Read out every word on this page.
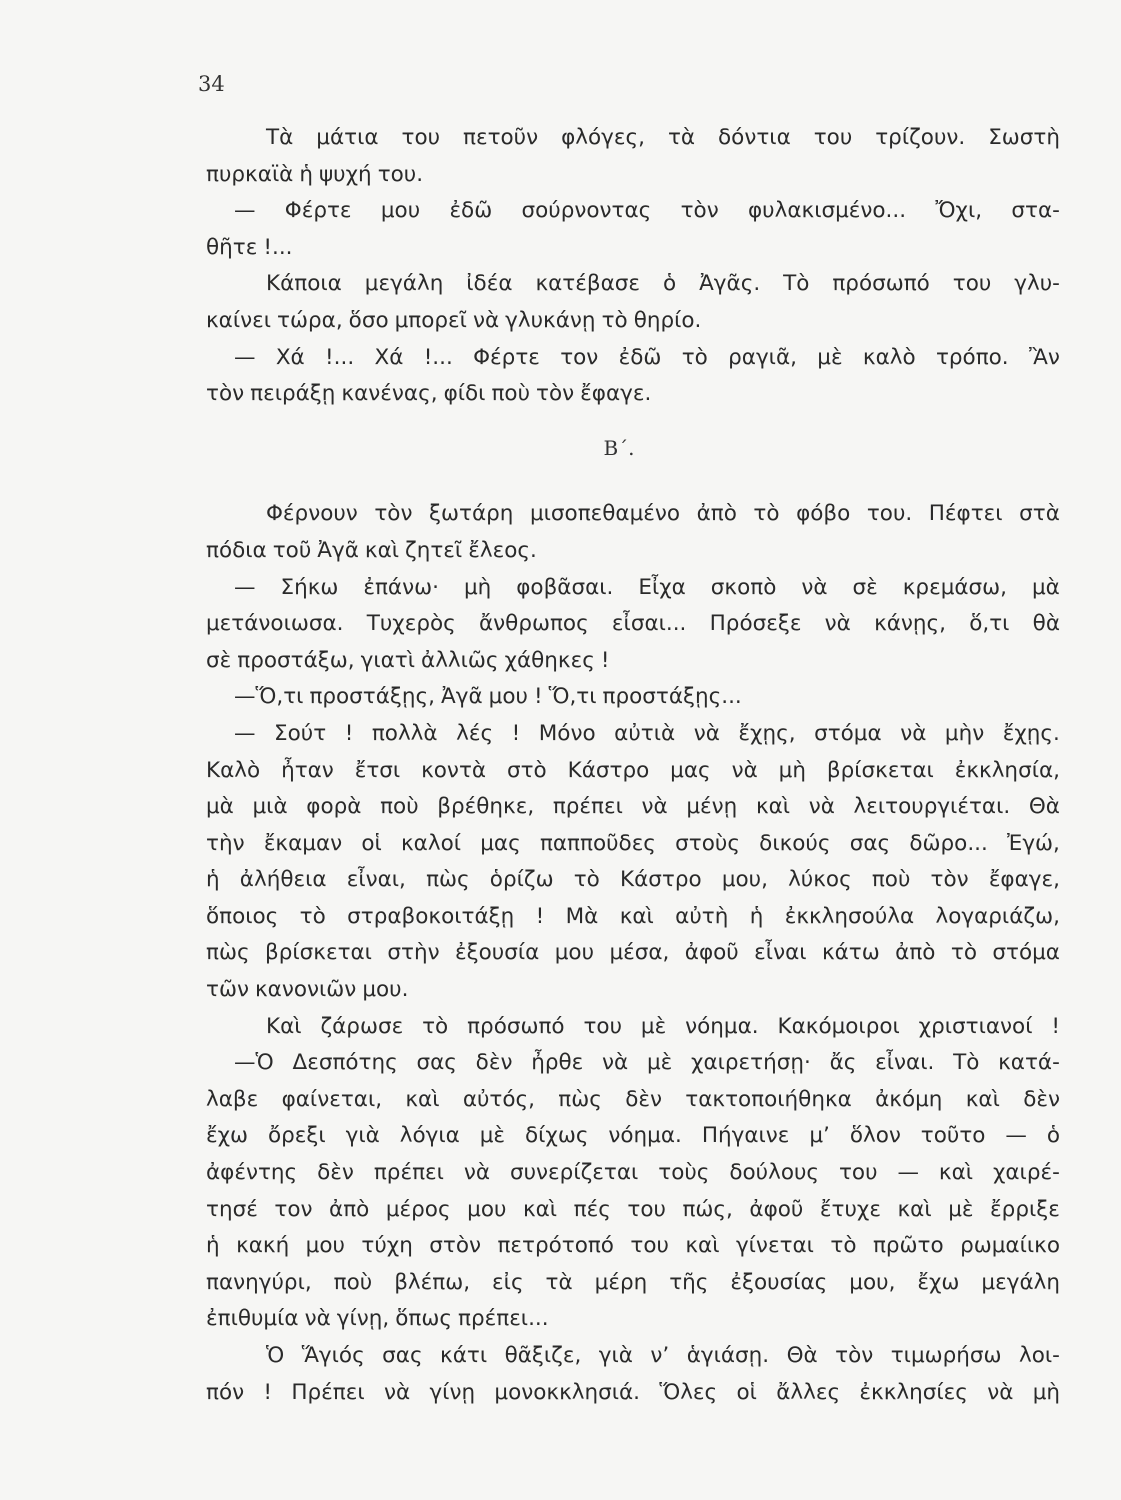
34
Τὰ μάτια του πετοῦν φλόγες, τὰ δόντια του τρίζουν. Σωστὴ
πυρκαϊὰ ἡ ψυχή του.
— Φέρτε μου ἐδῶ σούρνοντας τὸν φυλακισμένο... Ὄχι, στα-
θῆτε !...
Κάποια μεγάλη ἰδέα κατέβασε ὁ Ἀγᾶς. Τὸ πρόσωπό του γλυ-
καίνει τώρα, ὅσο μπορεῖ νὰ γλυκάνῃ τὸ θηρίο.
— Χά !... Χά !... Φέρτε τον ἐδῶ τὸ ραγιᾶ, μὲ καλὸ τρόπο. Ἂν
τὸν πειράξῃ κανένας, φίδι ποὺ τὸν ἔφαγε.
Β΄.
Φέρνουν τὸν ξωτάρη μισοπεθαμένο ἀπὸ τὸ φόβο του. Πέφτει στὰ
πόδια τοῦ Ἀγᾶ καὶ ζητεῖ ἔλεος.
— Σήκω ἐπάνω· μὴ φοβᾶσαι. Εἶχα σκοπὸ νὰ σὲ κρεμάσω, μὰ
μετάνοιωσα. Τυχερὸς ἄνθρωπος εἶσαι... Πρόσεξε νὰ κάνῃς, ὅ,τι θὰ
σὲ προστάξω, γιατὶ ἀλλιῶς χάθηκες !
—Ὅ,τι προστάξῃς, Ἀγᾶ μου ! Ὅ,τι προστάξῃς...
— Σούτ ! πολλὰ λές ! Μόνο αὐτιὰ νὰ ἔχῃς, στόμα νὰ μὴν ἔχῃς.
Καλὸ ἦταν ἔτσι κοντὰ στὸ Κάστρο μας νὰ μὴ βρίσκεται ἐκκλησία,
μὰ μιὰ φορὰ ποὺ βρέθηκε, πρέπει νὰ μένῃ καὶ νὰ λειτουργιέται. Θὰ
τὴν ἔκαμαν οἱ καλοί μας παπποῦδες στοὺς δικούς σας δῶρο... Ἐγώ,
ἡ ἀλήθεια εἶναι, πὼς ὁρίζω τὸ Κάστρο μου, λύκος ποὺ τὸν ἔφαγε,
ὅποιος τὸ στραβοκοιτάξῃ ! Μὰ καὶ αὐτὴ ἡ ἐκκλησούλα λογαριάζω,
πὼς βρίσκεται στὴν ἐξουσία μου μέσα, ἀφοῦ εἶναι κάτω ἀπὸ τὸ στόμα
τῶν κανονιῶν μου.
Καὶ ζάρωσε τὸ πρόσωπό του μὲ νόημα. Κακόμοιροι χριστιανοί !
—Ὁ Δεσπότης σας δὲν ἦρθε νὰ μὲ χαιρετήσῃ· ἄς εἶναι. Τὸ κατά-
λαβε φαίνεται, καὶ αὐτός, πὼς δὲν τακτοποιήθηκα ἀκόμη καὶ δὲν
ἔχω ὄρεξι γιὰ λόγια μὲ δίχως νόημα. Πήγαινε μ’ ὅλον τοῦτο — ὁ
ἀφέντης δὲν πρέπει νὰ συνερίζεται τοὺς δούλους του — καὶ χαιρέ-
τησέ τον ἀπὸ μέρος μου καὶ πές του πώς, ἀφοῦ ἔτυχε καὶ μὲ ἔρριξε
ἡ κακή μου τύχη στὸν πετρότοπό του καὶ γίνεται τὸ πρῶτο ρωμαίικο
πανηγύρι, ποὺ βλέπω, εἰς τὰ μέρη τῆς ἐξουσίας μου, ἔχω μεγάλη
ἐπιθυμία νὰ γίνῃ, ὅπως πρέπει...
Ὁ Ἅγιός σας κάτι θᾶξιζε, γιὰ ν’ ἁγιάσῃ. Θὰ τὸν τιμωρήσω λοι-
πόν ! Πρέπει νὰ γίνῃ μονοκκλησιά. Ὅλες οἱ ἄλλες ἐκκλησίες νὰ μὴ
